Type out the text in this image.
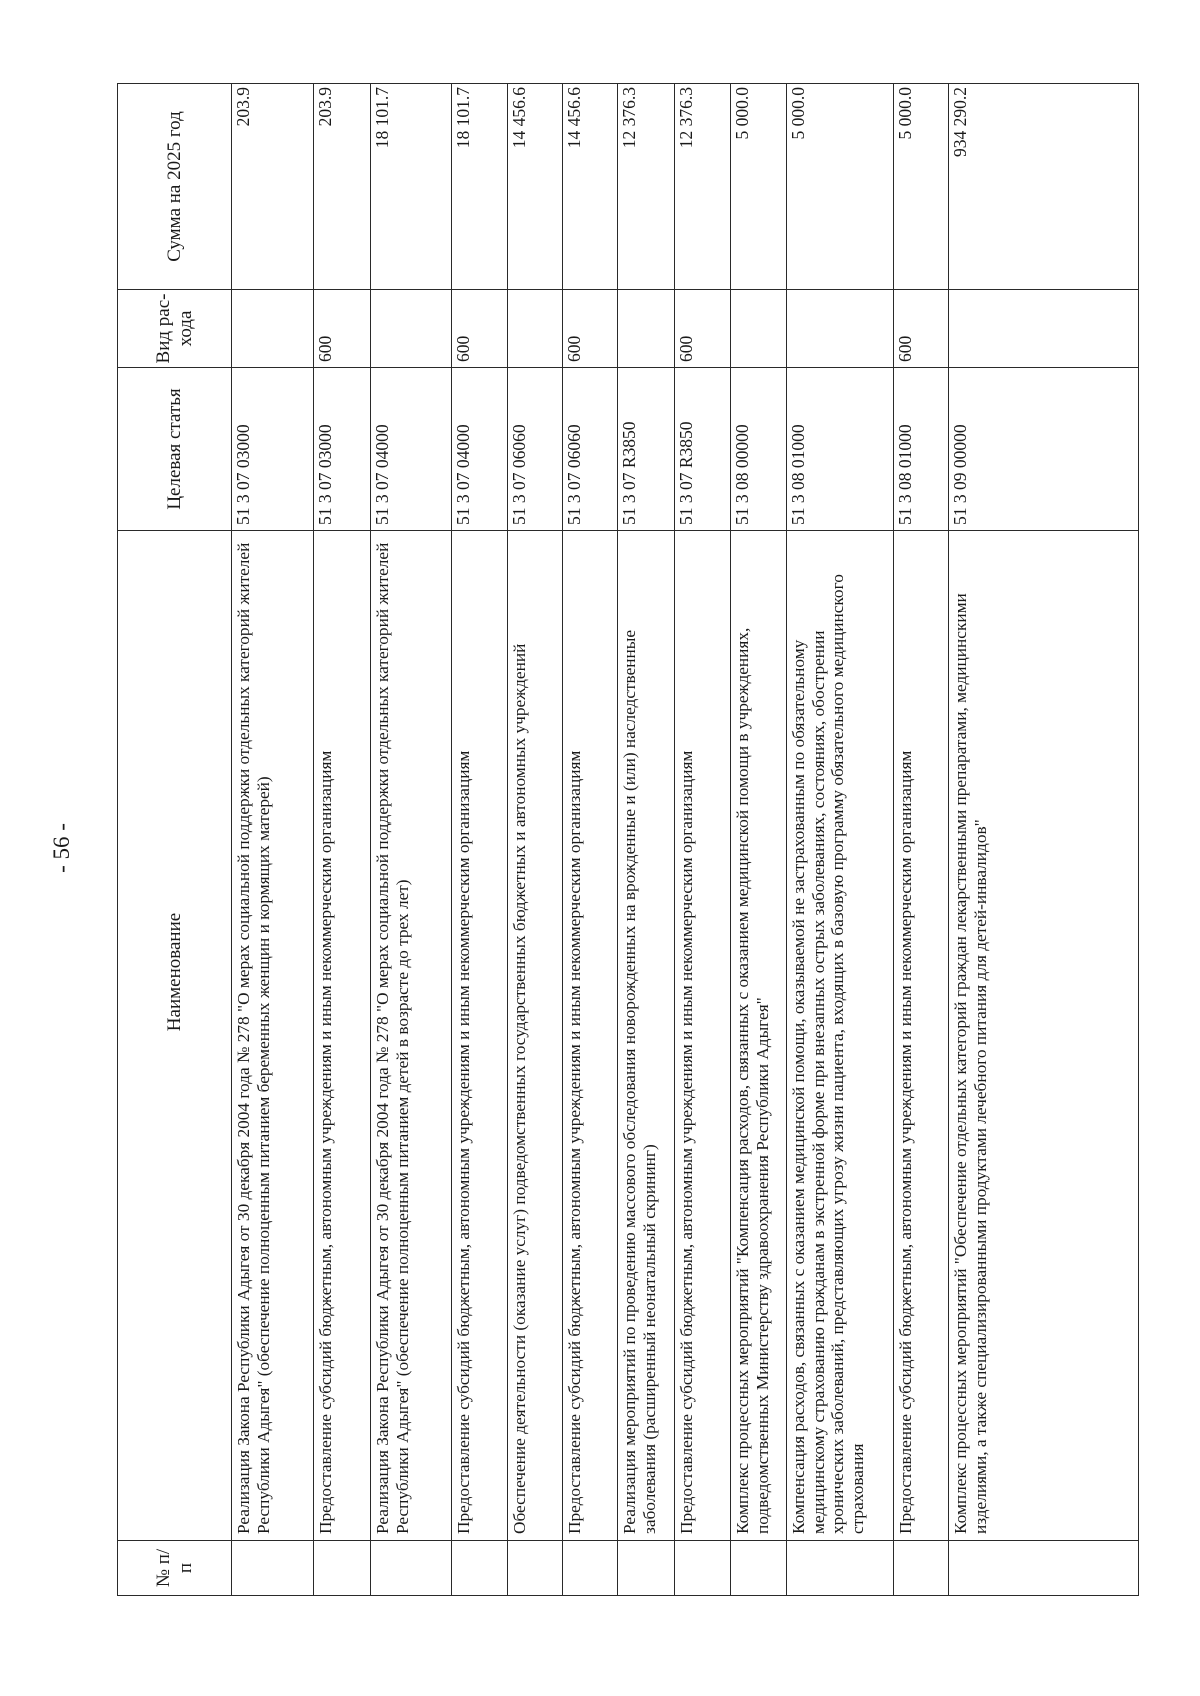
- 56 -
№ п/п	Наименование	Целевая статья	Вид рас-хода	Сумма на 2025 год
	Реализация Закона Республики Адыгея от 30 декабря 2004 года № 278 "О мерах социальной поддержки отдельных категорий жителей Республики Адыгея" (обеспечение полноценным питанием беременных женщин и кормящих матерей)	51 3 07 03000		203.9
	Предоставление субсидий бюджетным, автономным учреждениям и иным некоммерческим организациям	51 3 07 03000	600	203.9
	Реализация Закона Республики Адыгея от 30 декабря 2004 года № 278 "О мерах социальной поддержки отдельных категорий жителей Республики Адыгея" (обеспечение полноценным питанием детей в возрасте до трех лет)	51 3 07 04000		18 101.7
	Предоставление субсидий бюджетным, автономным учреждениям и иным некоммерческим организациям	51 3 07 04000	600	18 101.7
	Обеспечение деятельности (оказание услуг) подведомственных государственных бюджетных и автономных учреждений	51 3 07 06060		14 456.6
	Предоставление субсидий бюджетным, автономным учреждениям и иным некоммерческим организациям	51 3 07 06060	600	14 456.6
	Реализация мероприятий по проведению массового обследования новорожденных на врожденные и (или) наследственные заболевания (расширенный неонатальный скрининг)	51 3 07 R3850		12 376.3
	Предоставление субсидий бюджетным, автономным учреждениям и иным некоммерческим организациям	51 3 07 R3850	600	12 376.3
	Комплекс процессных мероприятий "Компенсация расходов, связанных с оказанием медицинской помощи в учреждениях, подведомственных Министерству здравоохранения Республики Адыгея"	51 3 08 00000		5 000.0
	Компенсация расходов, связанных с оказанием медицинской помощи, оказываемой не застрахованным по обязательному медицинскому страхованию гражданам в экстренной форме при внезапных острых заболеваниях, состояниях, обострении хронических заболеваний, представляющих угрозу жизни пациента, входящих в базовую программу обязательного медицинского страхования	51 3 08 01000		5 000.0
	Предоставление субсидий бюджетным, автономным учреждениям и иным некоммерческим организациям	51 3 08 01000	600	5 000.0
	Комплекс процессных мероприятий "Обеспечение отдельных категорий граждан лекарственными препаратами, медицинскими изделиями, а также специализированными продуктами лечебного питания для детей-инвалидов"	51 3 09 00000		934 290.2
